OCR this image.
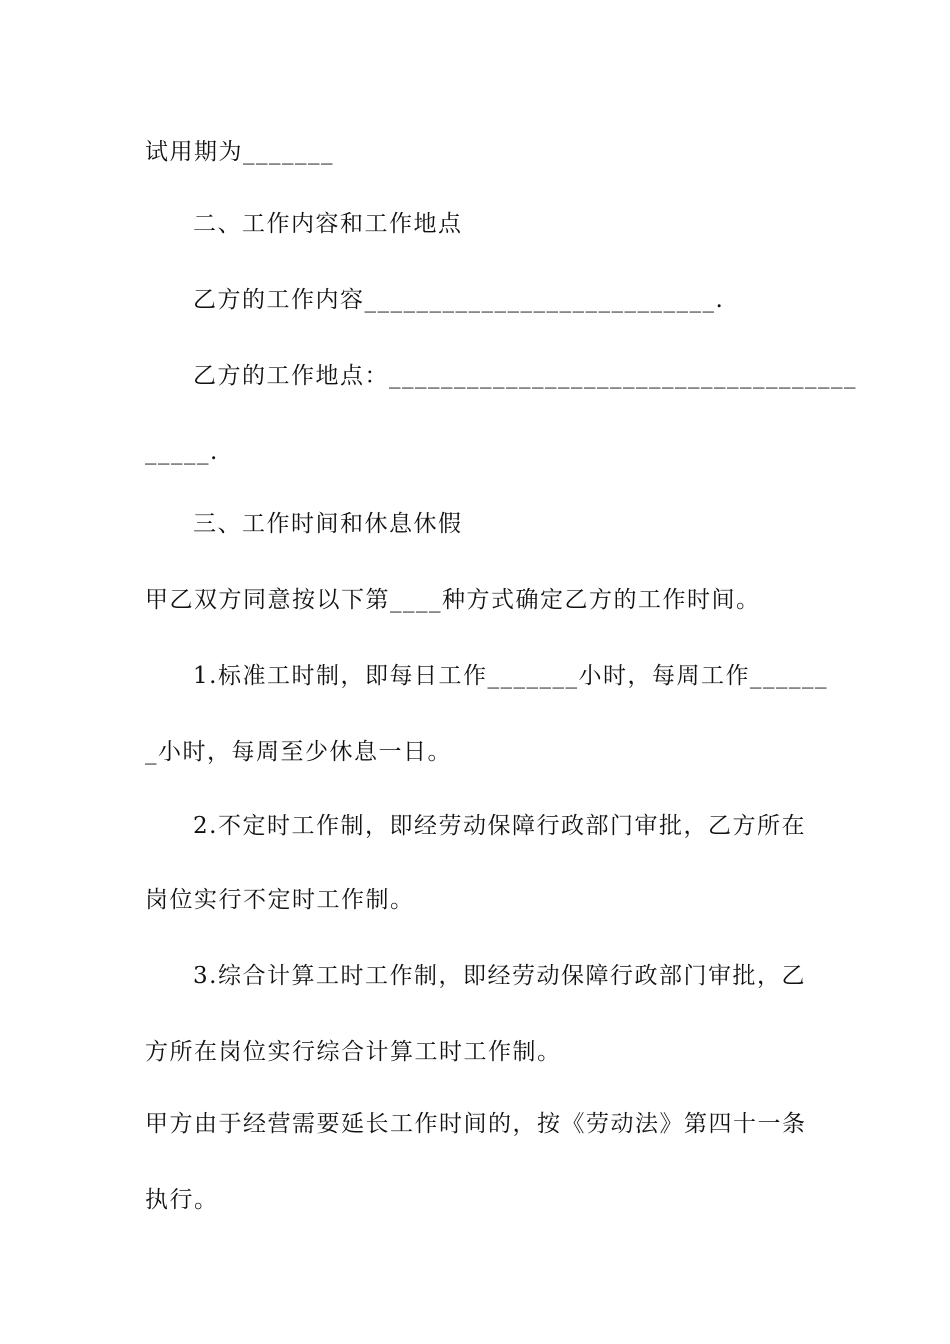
试用期为_______
二、工作内容和工作地点
乙方的工作内容___________________________.
乙方的工作地点：____________________________________
_____.
三、工作时间和休息休假
甲乙双方同意按以下第____种方式确定乙方的工作时间。
1.标准工时制，即每日工作_______小时，每周工作______
_小时，每周至少休息一日。
2.不定时工作制，即经劳动保障行政部门审批，乙方所在
岗位实行不定时工作制。
3.综合计算工时工作制，即经劳动保障行政部门审批，乙
方所在岗位实行综合计算工时工作制。
甲方由于经营需要延长工作时间的，按《劳动法》第四十一条
执行。
